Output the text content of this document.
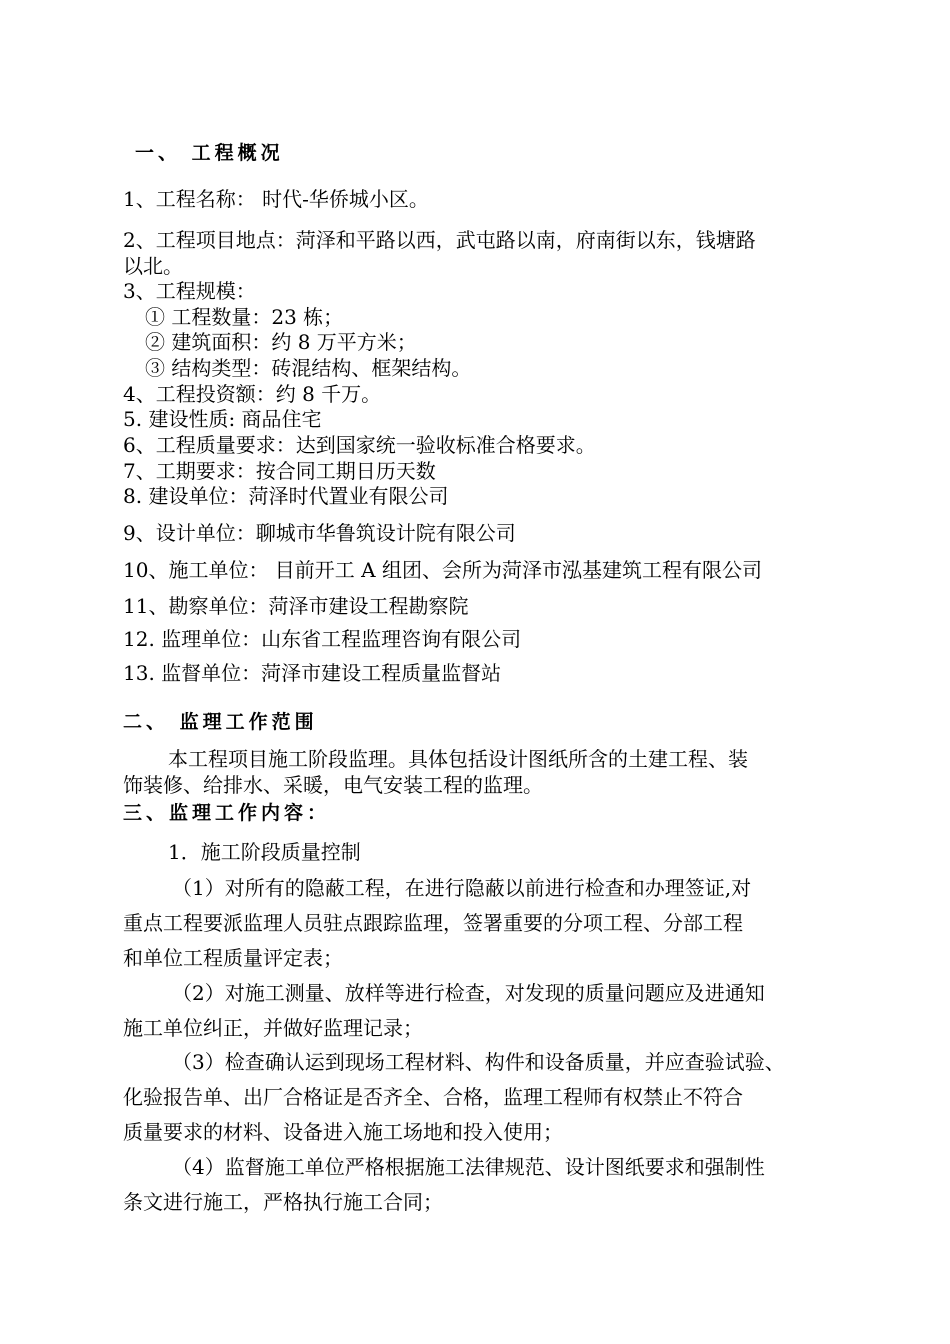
一、 工程概况
1、工程名称： 时代-华侨城小区。
2、工程项目地点：菏泽和平路以西，武屯路以南，府南街以东，钱塘路
以北。
3、工程规模：
① 工程数量：23 栋；
② 建筑面积：约 8 万平方米；
③ 结构类型：砖混结构、框架结构。
4、工程投资额：约 8 千万。
5. 建设性质: 商品住宅
6、工程质量要求：达到国家统一验收标准合格要求。
7、工期要求：按合同工期日历天数
8. 建设单位：菏泽时代置业有限公司
9、设计单位：聊城市华鲁筑设计院有限公司
10、施工单位： 目前开工 A 组团、会所为菏泽市泓基建筑工程有限公司
11、勘察单位：菏泽市建设工程勘察院
12. 监理单位：山东省工程监理咨询有限公司
13. 监督单位：菏泽市建设工程质量监督站
二、 监理工作范围
本工程项目施工阶段监理。具体包括设计图纸所含的土建工程、装
饰装修、给排水、采暖，电气安装工程的监理。
三、监理工作内容：
1．施工阶段质量控制
（1）对所有的隐蔽工程，在进行隐蔽以前进行检查和办理签证,对
重点工程要派监理人员驻点跟踪监理，签署重要的分项工程、分部工程
和单位工程质量评定表；
（2）对施工测量、放样等进行检查，对发现的质量问题应及进通知
施工单位纠正，并做好监理记录；
（3）检查确认运到现场工程材料、构件和设备质量，并应查验试验、
化验报告单、出厂合格证是否齐全、合格，监理工程师有权禁止不符合
质量要求的材料、设备进入施工场地和投入使用；
（4）监督施工单位严格根据施工法律规范、设计图纸要求和强制性
条文进行施工，严格执行施工合同；
